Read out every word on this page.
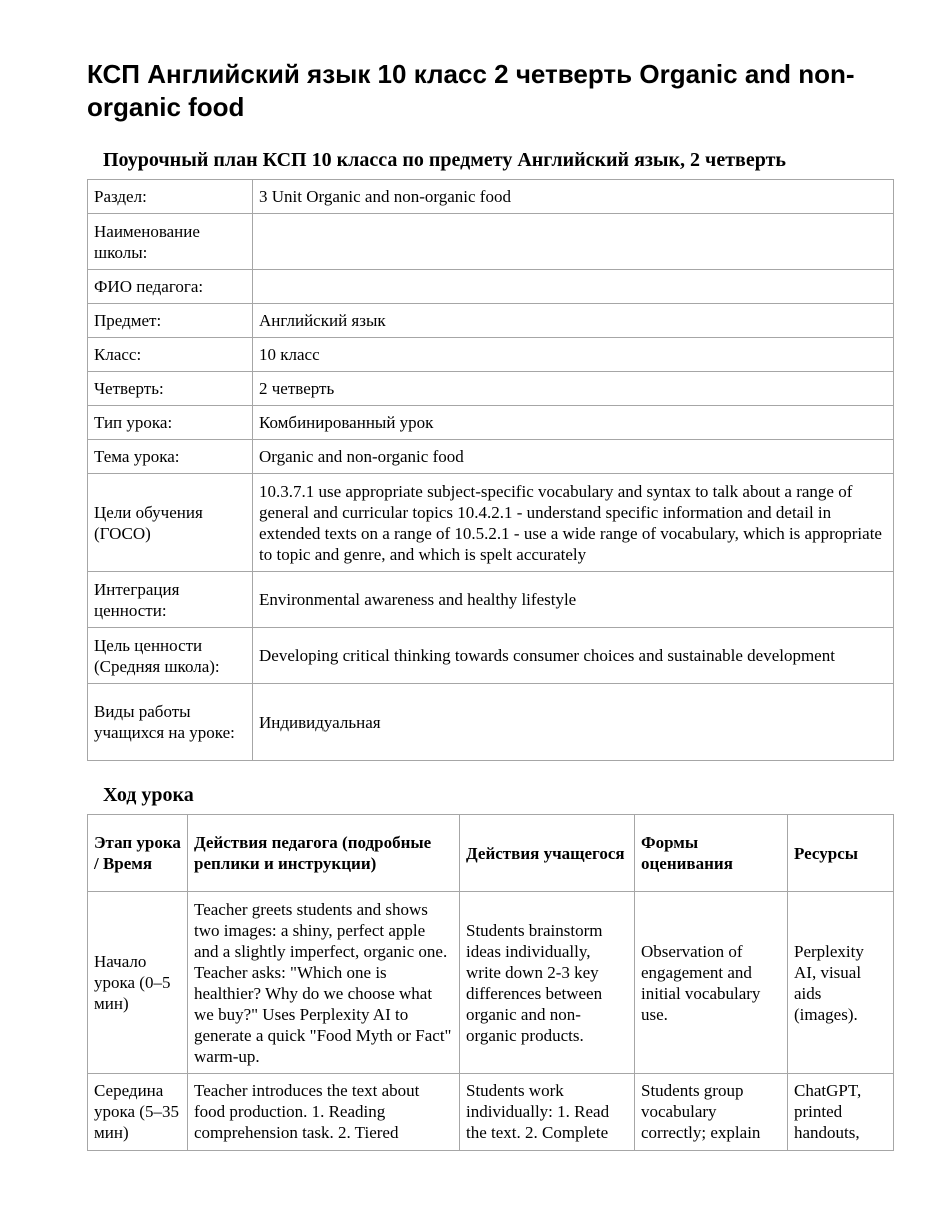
КСП Английский язык 10 класс 2 четверть Organic and non-organic food
Поурочный план КСП 10 класса по предмету Английский язык, 2 четверть
Раздел:	3 Unit Organic and non-organic food
Наименование школы:	
ФИО педагога:	
Предмет:	Английский язык
Класс:	10 класс
Четверть:	2 четверть
Тип урока:	Комбинированный урок
Тема урока:	Organic and non-organic food
Цели обучения (ГОСО)	10.3.7.1 use appropriate subject-specific vocabulary and syntax to talk about a range of general and curricular topics 10.4.2.1 - understand specific information and detail in extended texts on a range of 10.5.2.1 - use a wide range of vocabulary, which is appropriate to topic and genre, and which is spelt accurately
Интеграция ценности:	Environmental awareness and healthy lifestyle
Цель ценности (Средняя школа):	Developing critical thinking towards consumer choices and sustainable development
Виды работы учащихся на уроке:	Индивидуальная
Ход урока
Этап урока / Время	Действия педагога (подробные реплики и инструкции)	Действия учащегося	Формы оценивания	Ресурсы
Начало урока (0–5 мин)	Teacher greets students and shows two images: a shiny, perfect apple and a slightly imperfect, organic one. Teacher asks: "Which one is healthier? Why do we choose what we buy?" Uses Perplexity AI to generate a quick "Food Myth or Fact" warm-up.	Students brainstorm ideas individually, write down 2-3 key differences between organic and non-organic products.	Observation of engagement and initial vocabulary use.	Perplexity AI, visual aids (images).

Середина урока (5–35 мин)	Teacher introduces the text about food production. 1. Reading comprehension task. 2. Tiered	Students work individually: 1. Read the text. 2. Complete	Students group vocabulary correctly; explain	ChatGPT, printed handouts,
